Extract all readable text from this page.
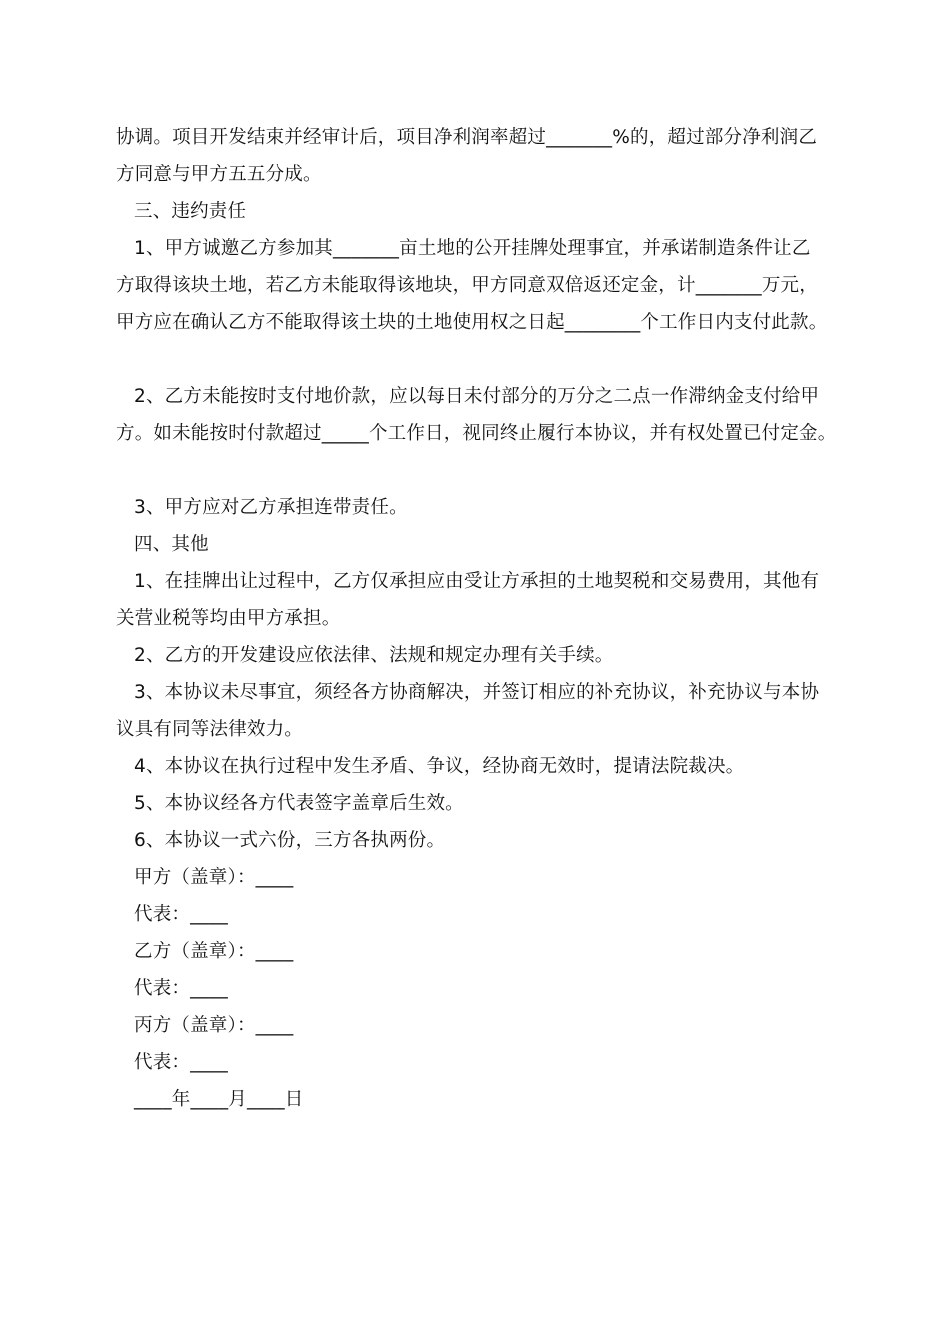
协调。项目开发结束并经审计后，项目净利润率超过_______%的，超过部分净利润乙
方同意与甲方五五分成。
三、违约责任
1、甲方诚邀乙方参加其_______亩土地的公开挂牌处理事宜，并承诺制造条件让乙
方取得该块土地，若乙方未能取得该地块，甲方同意双倍返还定金，计_______万元，
甲方应在确认乙方不能取得该土块的土地使用权之日起________个工作日内支付此款。
2、乙方未能按时支付地价款，应以每日未付部分的万分之二点一作滞纳金支付给甲
方。如未能按时付款超过_____个工作日，视同终止履行本协议，并有权处置已付定金。
3、甲方应对乙方承担连带责任。
四、其他
1、在挂牌出让过程中，乙方仅承担应由受让方承担的土地契税和交易费用，其他有
关营业税等均由甲方承担。
2、乙方的开发建设应依法律、法规和规定办理有关手续。
3、本协议未尽事宜，须经各方协商解决，并签订相应的补充协议，补充协议与本协
议具有同等法律效力。
4、本协议在执行过程中发生矛盾、争议，经协商无效时，提请法院裁决。
5、本协议经各方代表签字盖章后生效。
6、本协议一式六份，三方各执两份。
甲方（盖章）：____
代表：____
乙方（盖章）：____
代表：____
丙方（盖章）：____
代表：____
____年____月____日
